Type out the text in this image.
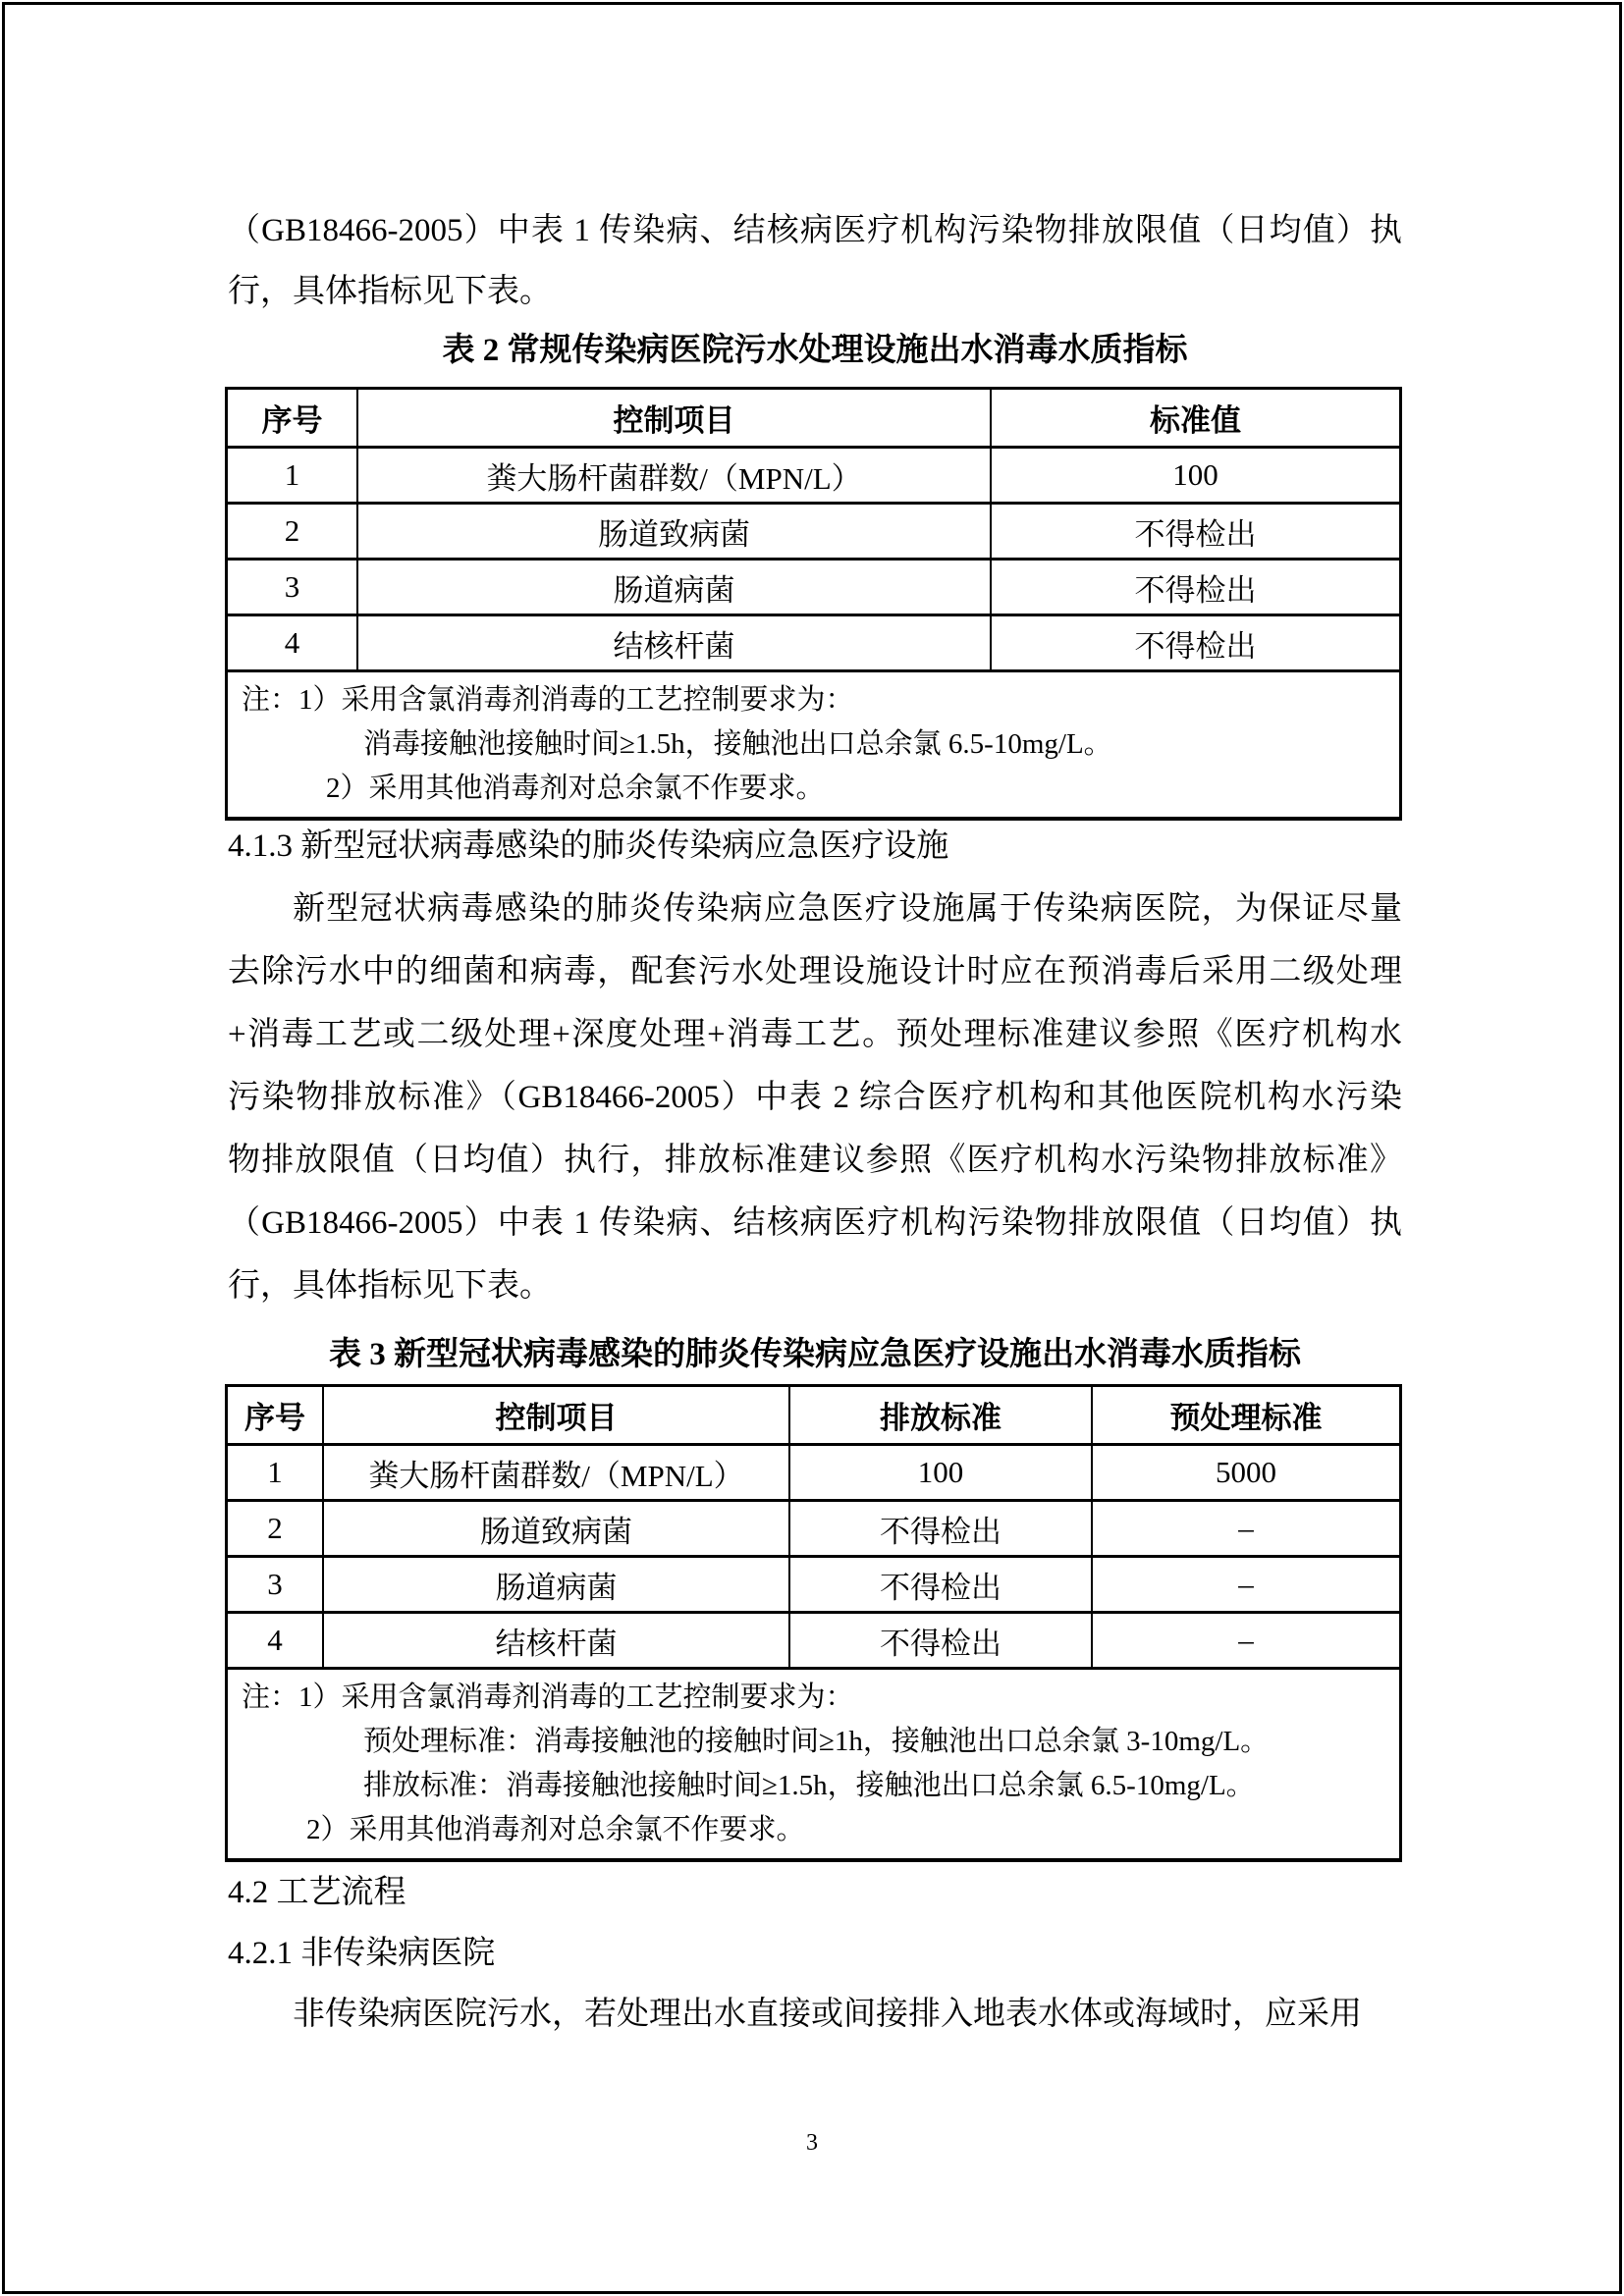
（GB18466-2005）中表 1 传染病、结核病医疗机构污染物排放限值（日均值）执
行，具体指标见下表。
表 2 常规传染病医院污水处理设施出水消毒水质指标
序号	控制项目	标准值
1	粪大肠杆菌群数/（MPN/L）	100
2	肠道致病菌	不得检出
3	肠道病菌	不得检出
4	结核杆菌	不得检出
注：1）采用含氯消毒剂消毒的工艺控制要求为：
消毒接触池接触时间≥1.5h，接触池出口总余氯 6.5-10mg/L。
2）采用其他消毒剂对总余氯不作要求。
4.1.3 新型冠状病毒感染的肺炎传染病应急医疗设施
新型冠状病毒感染的肺炎传染病应急医疗设施属于传染病医院，为保证尽量
去除污水中的细菌和病毒，配套污水处理设施设计时应在预消毒后采用二级处理
+消毒工艺或二级处理+深度处理+消毒工艺。预处理标准建议参照《医疗机构水
污染物排放标准》（GB18466-2005）中表 2 综合医疗机构和其他医院机构水污染
物排放限值（日均值）执行，排放标准建议参照《医疗机构水污染物排放标准》
（GB18466-2005）中表 1 传染病、结核病医疗机构污染物排放限值（日均值）执
行，具体指标见下表。
表 3 新型冠状病毒感染的肺炎传染病应急医疗设施出水消毒水质指标
序号	控制项目	排放标准	预处理标准
1	粪大肠杆菌群数/（MPN/L）	100	5000
2	肠道致病菌	不得检出	–
3	肠道病菌	不得检出	–
4	结核杆菌	不得检出	–
注：1）采用含氯消毒剂消毒的工艺控制要求为：
预处理标准：消毒接触池的接触时间≥1h，接触池出口总余氯 3-10mg/L。
排放标准：消毒接触池接触时间≥1.5h，接触池出口总余氯 6.5-10mg/L。
2）采用其他消毒剂对总余氯不作要求。
4.2 工艺流程
4.2.1 非传染病医院
非传染病医院污水，若处理出水直接或间接排入地表水体或海域时，应采用
3
